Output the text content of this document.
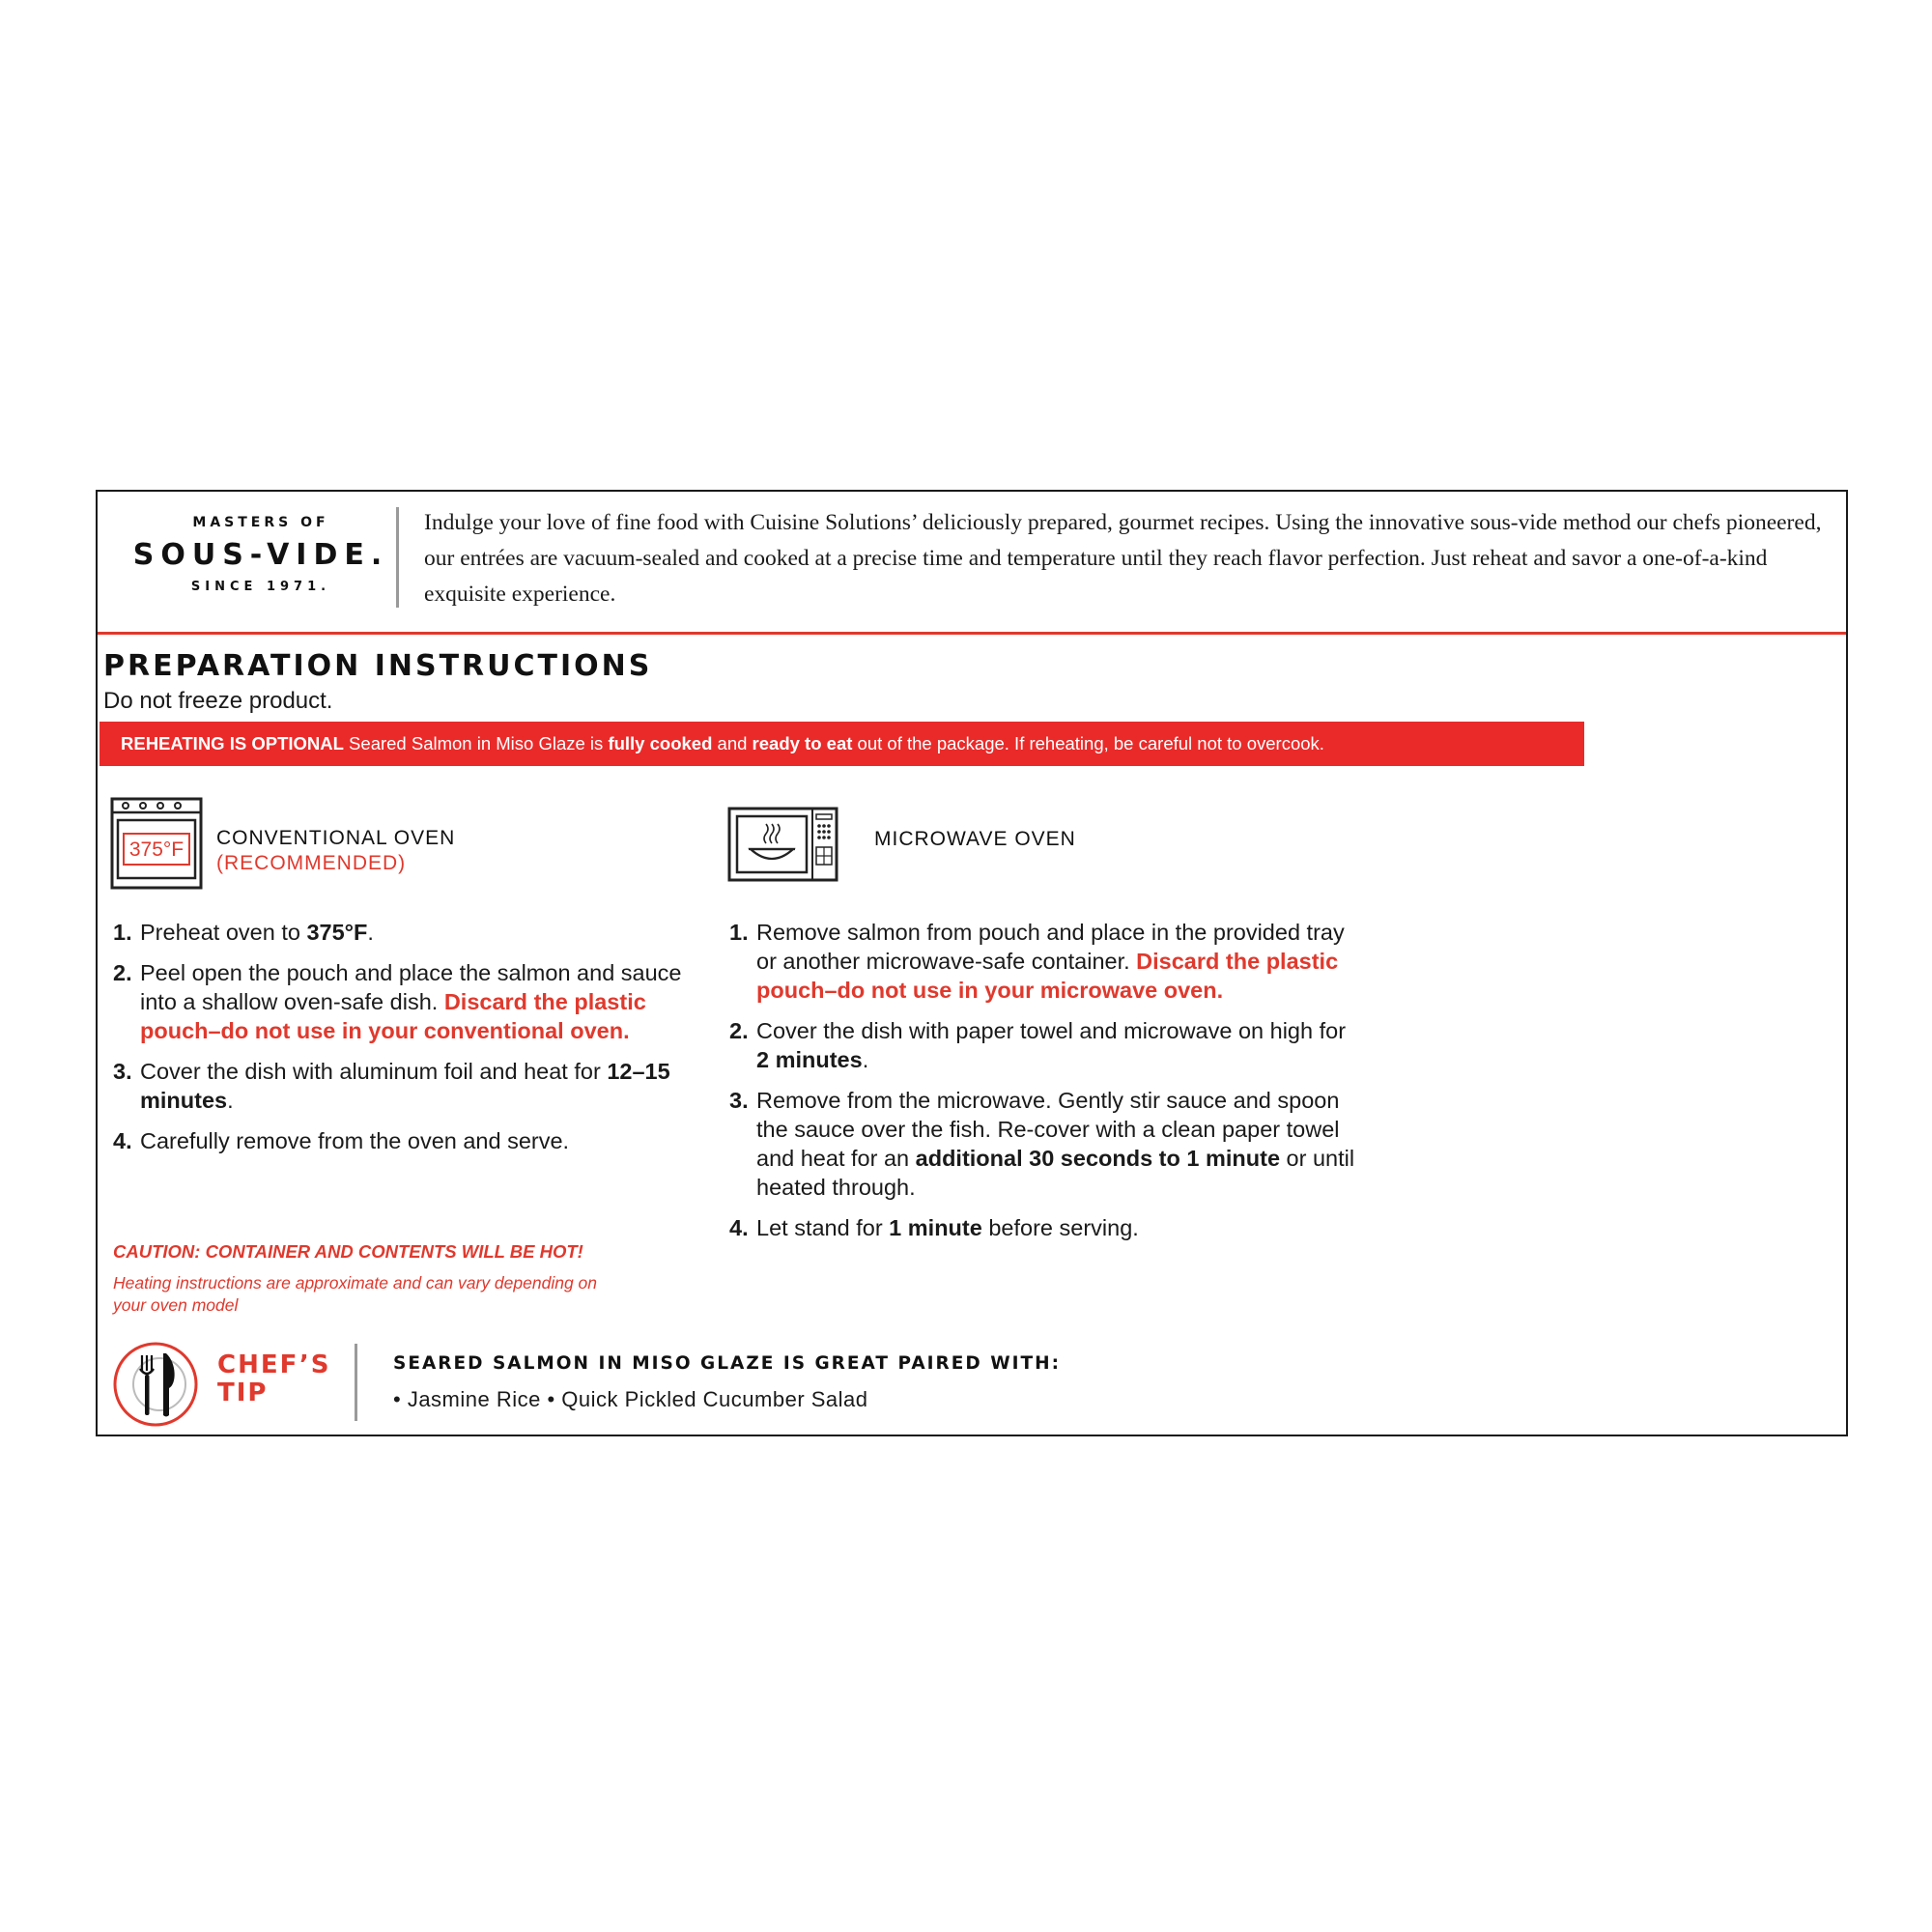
MASTERS OF
SOUS-VIDE.
SINCE 1971.
Indulge your love of fine food with Cuisine Solutions’ deliciously prepared, gourmet recipes. Using the innovative sous-vide method our chefs pioneered, our entrées are vacuum-sealed and cooked at a precise time and temperature until they reach flavor perfection. Just reheat and savor a one-of-a-kind exquisite experience.
PREPARATION INSTRUCTIONS
Do not freeze product.
REHEATING IS OPTIONAL Seared Salmon in Miso Glaze is fully cooked and ready to eat out of the package. If reheating, be careful not to overcook.
375°F
CONVENTIONAL OVEN
(RECOMMENDED)
1. Preheat oven to 375°F.
2. Peel open the pouch and place the salmon and sauce into a shallow oven-safe dish. Discard the plastic pouch–do not use in your conventional oven.
3. Cover the dish with aluminum foil and heat for 12–15 minutes.
4. Carefully remove from the oven and serve.
MICROWAVE OVEN
1. Remove salmon from pouch and place in the provided tray or another microwave-safe container. Discard the plastic pouch–do not use in your microwave oven.
2. Cover the dish with paper towel and microwave on high for 2 minutes.
3. Remove from the microwave. Gently stir sauce and spoon the sauce over the fish. Re-cover with a clean paper towel and heat for an additional 30 seconds to 1 minute or until heated through.
4. Let stand for 1 minute before serving.
CAUTION: CONTAINER AND CONTENTS WILL BE HOT!
Heating instructions are approximate and can vary depending on your oven model
CHEF’S
TIP
SEARED SALMON IN MISO GLAZE IS GREAT PAIRED WITH:
• Jasmine Rice • Quick Pickled Cucumber Salad
